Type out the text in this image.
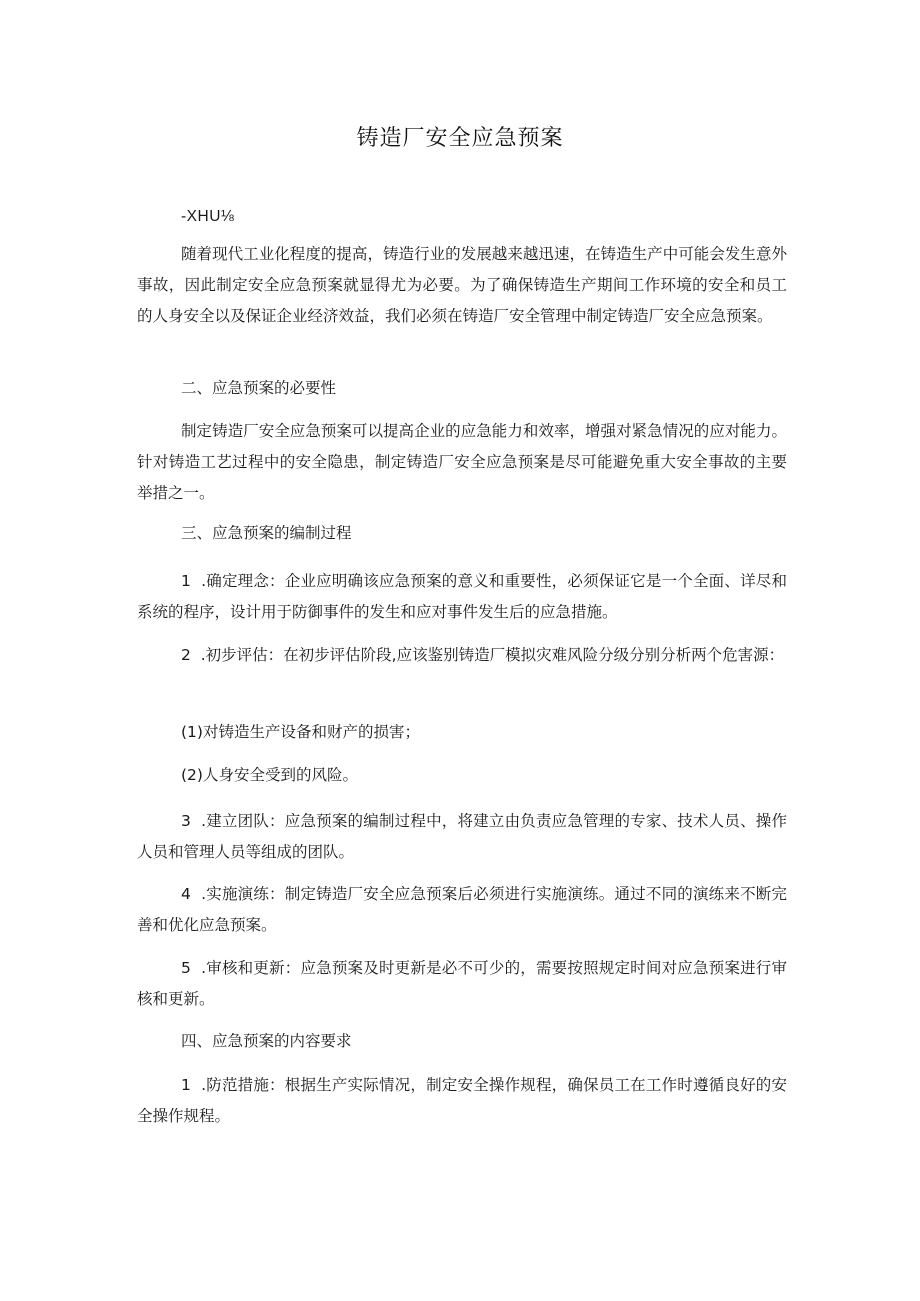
铸造厂安全应急预案

-XHU⅛

随着现代工业化程度的提高，铸造行业的发展越来越迅速，在铸造生产中可能会发生意外事故，因此制定安全应急预案就显得尤为必要。为了确保铸造生产期间工作环境的安全和员工的人身安全以及保证企业经济效益，我们必须在铸造厂安全管理中制定铸造厂安全应急预案。

二、应急预案的必要性

制定铸造厂安全应急预案可以提高企业的应急能力和效率，增强对紧急情况的应对能力。针对铸造工艺过程中的安全隐患，制定铸造厂安全应急预案是尽可能避免重大安全事故的主要举措之一。

三、应急预案的编制过程

1  .确定理念：企业应明确该应急预案的意义和重要性，必须保证它是一个全面、详尽和系统的程序，设计用于防御事件的发生和应对事件发生后的应急措施。

2  .初步评估：在初步评估阶段,应该鉴别铸造厂模拟灾难风险分级分别分析两个危害源：

(1)对铸造生产设备和财产的损害；

(2)人身安全受到的风险。

3  .建立团队：应急预案的编制过程中，将建立由负责应急管理的专家、技术人员、操作人员和管理人员等组成的团队。

4  .实施演练：制定铸造厂安全应急预案后必须进行实施演练。通过不同的演练来不断完善和优化应急预案。

5  .审核和更新：应急预案及时更新是必不可少的，需要按照规定时间对应急预案进行审核和更新。

四、应急预案的内容要求

1  .防范措施：根据生产实际情况，制定安全操作规程，确保员工在工作时遵循良好的安全操作规程。
